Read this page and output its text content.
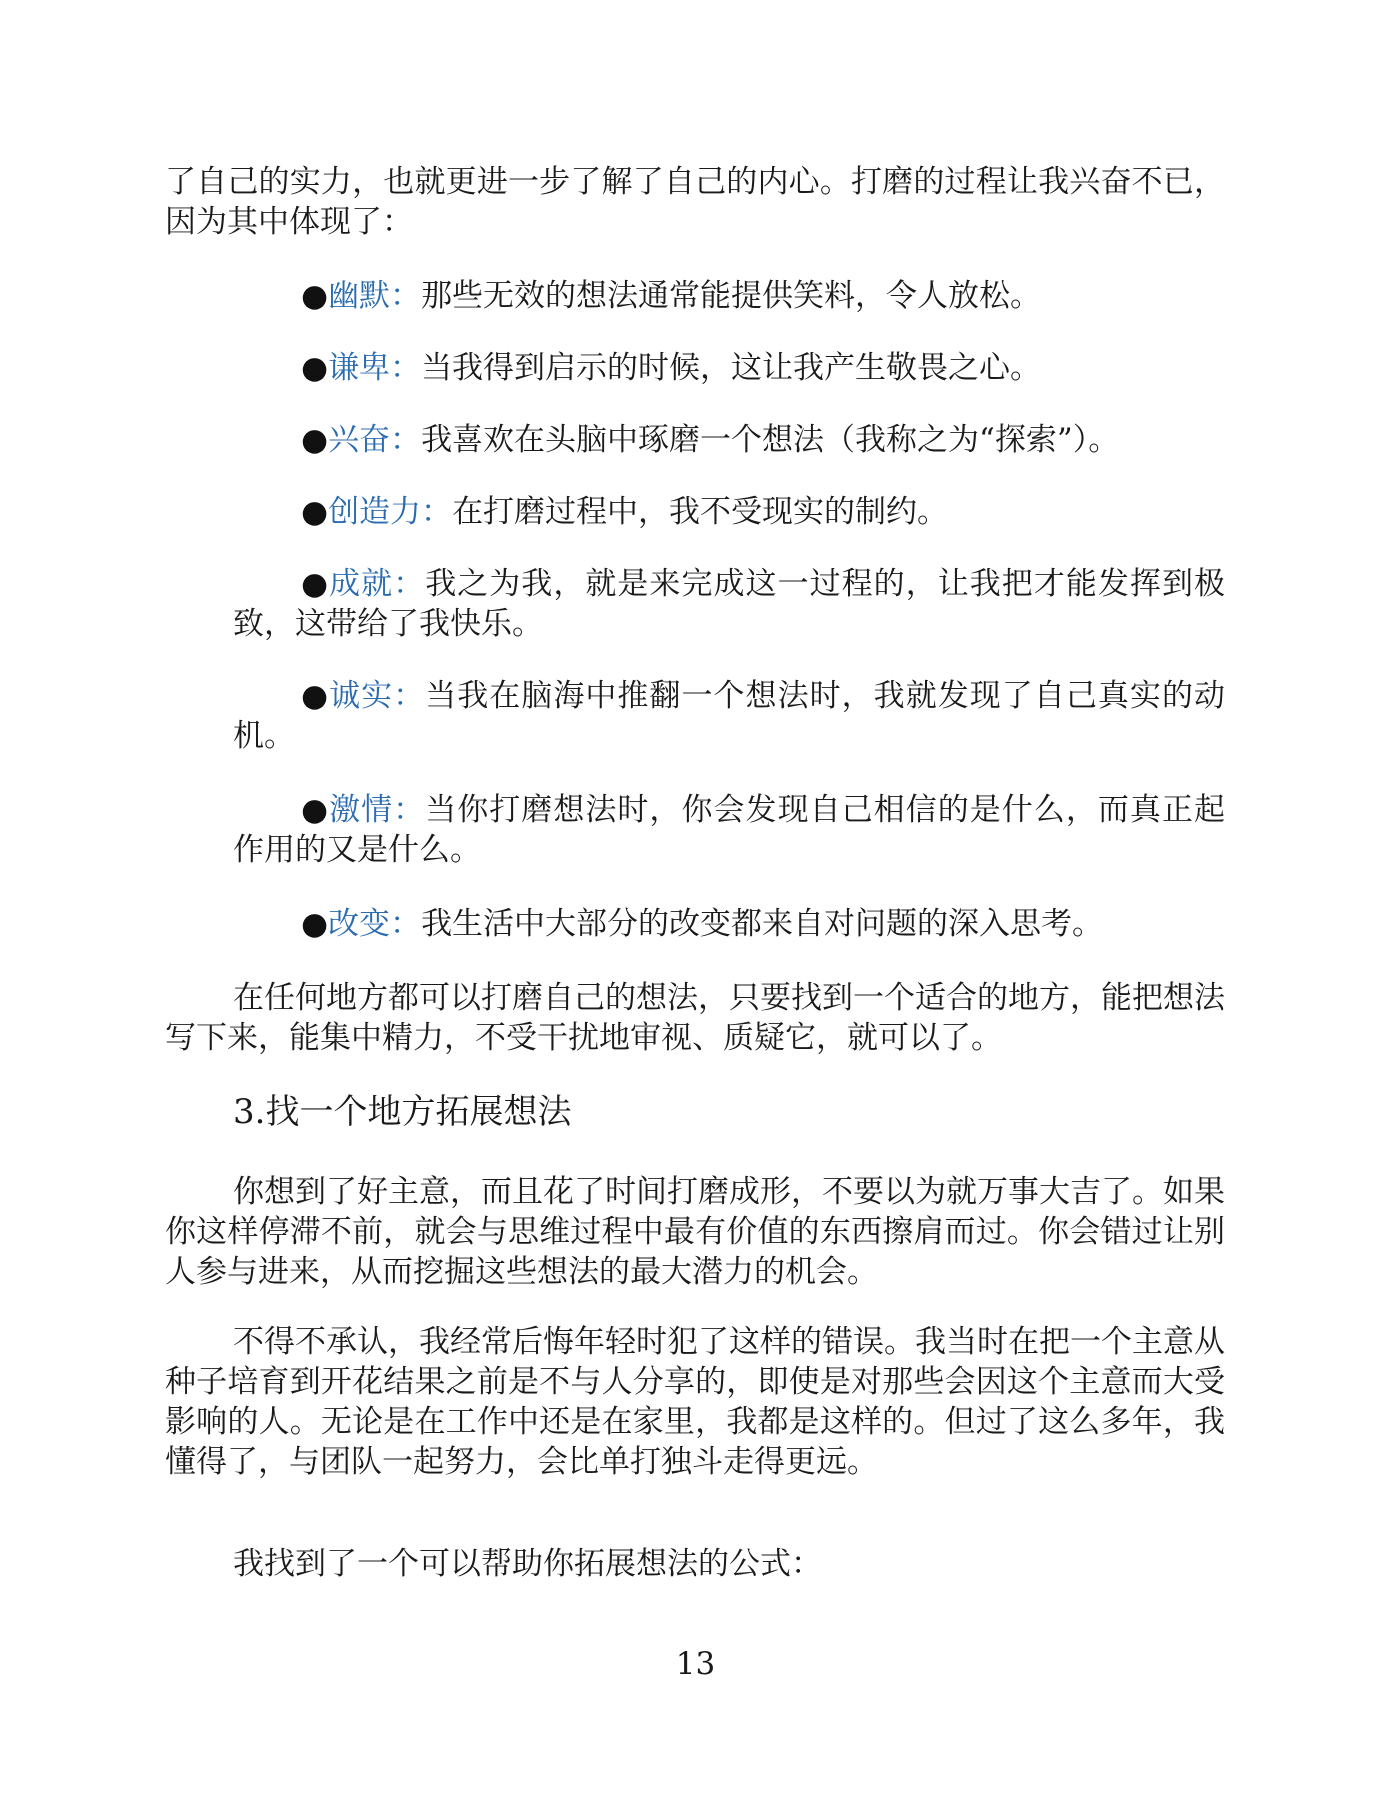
了自己的实力，也就更进一步了解了自己的内心。打磨的过程让我兴奋不已，因为其中体现了：

●幽默：那些无效的想法通常能提供笑料，令人放松。

●谦卑：当我得到启示的时候，这让我产生敬畏之心。

●兴奋：我喜欢在头脑中琢磨一个想法（我称之为“探索”）。

●创造力：在打磨过程中，我不受现实的制约。

●成就：我之为我，就是来完成这一过程的，让我把才能发挥到极致，这带给了我快乐。

●诚实：当我在脑海中推翻一个想法时，我就发现了自己真实的动机。

●激情：当你打磨想法时，你会发现自己相信的是什么，而真正起作用的又是什么。

●改变：我生活中大部分的改变都来自对问题的深入思考。

在任何地方都可以打磨自己的想法，只要找到一个适合的地方，能把想法写下来，能集中精力，不受干扰地审视、质疑它，就可以了。

3.找一个地方拓展想法

你想到了好主意，而且花了时间打磨成形，不要以为就万事大吉了。如果你这样停滞不前，就会与思维过程中最有价值的东西擦肩而过。你会错过让别人参与进来，从而挖掘这些想法的最大潜力的机会。

不得不承认，我经常后悔年轻时犯了这样的错误。我当时在把一个主意从种子培育到开花结果之前是不与人分享的，即使是对那些会因这个主意而大受影响的人。无论是在工作中还是在家里，我都是这样的。但过了这么多年，我懂得了，与团队一起努力，会比单打独斗走得更远。

我找到了一个可以帮助你拓展想法的公式：

13
